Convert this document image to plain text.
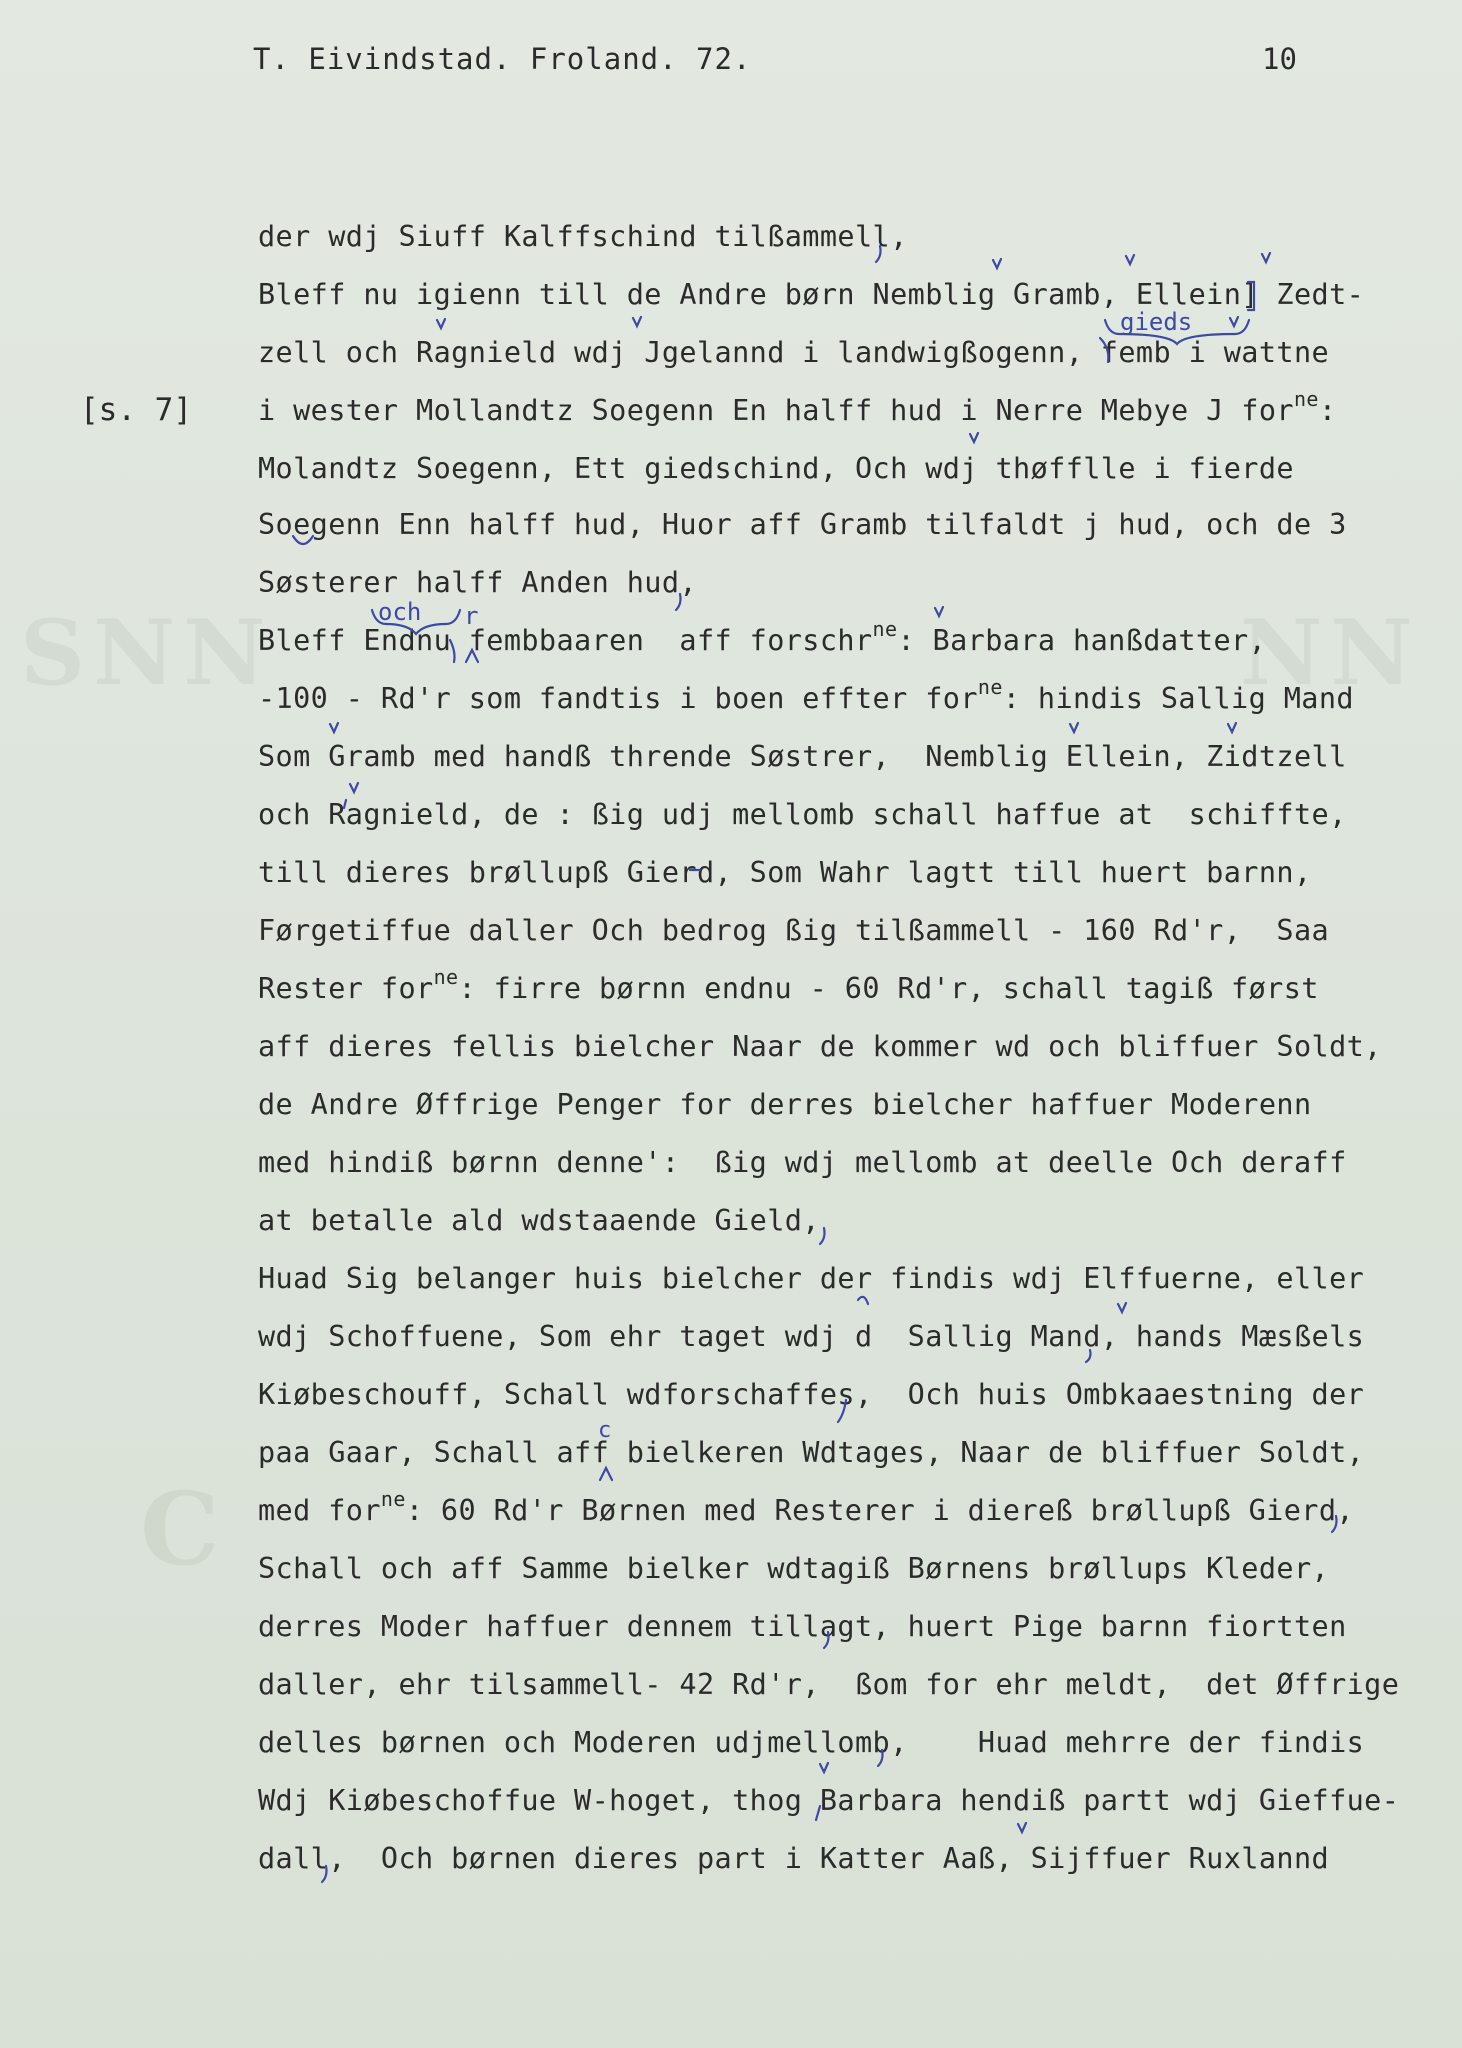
SNN	NN
C
T. Eivindstad. Froland. 72.	10
[s. 7]
der wdj Siuff Kalffschind tilßammell,
Bleff nu igienn till de Andre børn Nemblig Gramb, Ellein] Zedt-
zell och Ragnield wdj Jgelannd i landwigßogenn, femb i wattne
i wester Mollandtz Soegenn En halff hud i Nerre Mebye J for$^{ne}$:
Molandtz Soegenn, Ett giedschind, Och wdj thøfflle i fierde
Soegenn Enn halff hud, Huor aff Gramb tilfaldt j hud, och de 3
Søsterer halff Anden hud,
Bleff Endnu fembbaaren  aff forschr$^{ne}$: Barbara hanßdatter,
-100 - Rd'r som fandtis i boen effter for$^{ne}$: hindis Sallig Mand
Som Gramb med handß thrende Søstrer,  Nemblig Ellein, Zidtzell
och Ragnield, de : ßig udj mellomb schall haffue at  schiffte,
till dieres brøllupß Gierd, Som Wahr lagtt till huert barnn,
Førgetiffue daller Och bedrog ßig tilßammell - 160 Rd'r,  Saa
Rester for$^{ne}$: firre børnn endnu - 60 Rd'r, schall tagiß først
aff dieres fellis bielcher Naar de kommer wd och bliffuer Soldt,
de Andre Øffrige Penger for derres bielcher haffuer Moderenn
med hindiß børnn denne':  ßig wdj mellomb at deelle Och deraff
at betalle ald wdstaaende Gield,
Huad Sig belanger huis bielcher der findis wdj Elffuerne, eller
wdj Schoffuene, Som ehr taget wdj d  Sallig Mand, hands Mæsßels
Kiøbeschouff, Schall wdforschaffes,  Och huis Ombkaaestning der
paa Gaar, Schall aff bielkeren Wdtages, Naar de bliffuer Soldt,
med for$^{ne}$: 60 Rd'r Børnen med Resterer i diereß brøllupß Gierd,
Schall och aff Samme bielker wdtagiß Børnens brøllups Kleder,
derres Moder haffuer dennem tillagt, huert Pige barnn fiortten
daller, ehr tilsammell- 42 Rd'r,  ßom for ehr meldt,  det Øffrige
delles børnen och Moderen udjmellomb,    Huad mehrre der findis
Wdj Kiøbeschoffue W-hoget, thog Barbara hendiß partt wdj Gieffue-
dall,  Och børnen dieres part i Katter Aaß, Sijffuer Ruxlannd
gieds
och r
c
